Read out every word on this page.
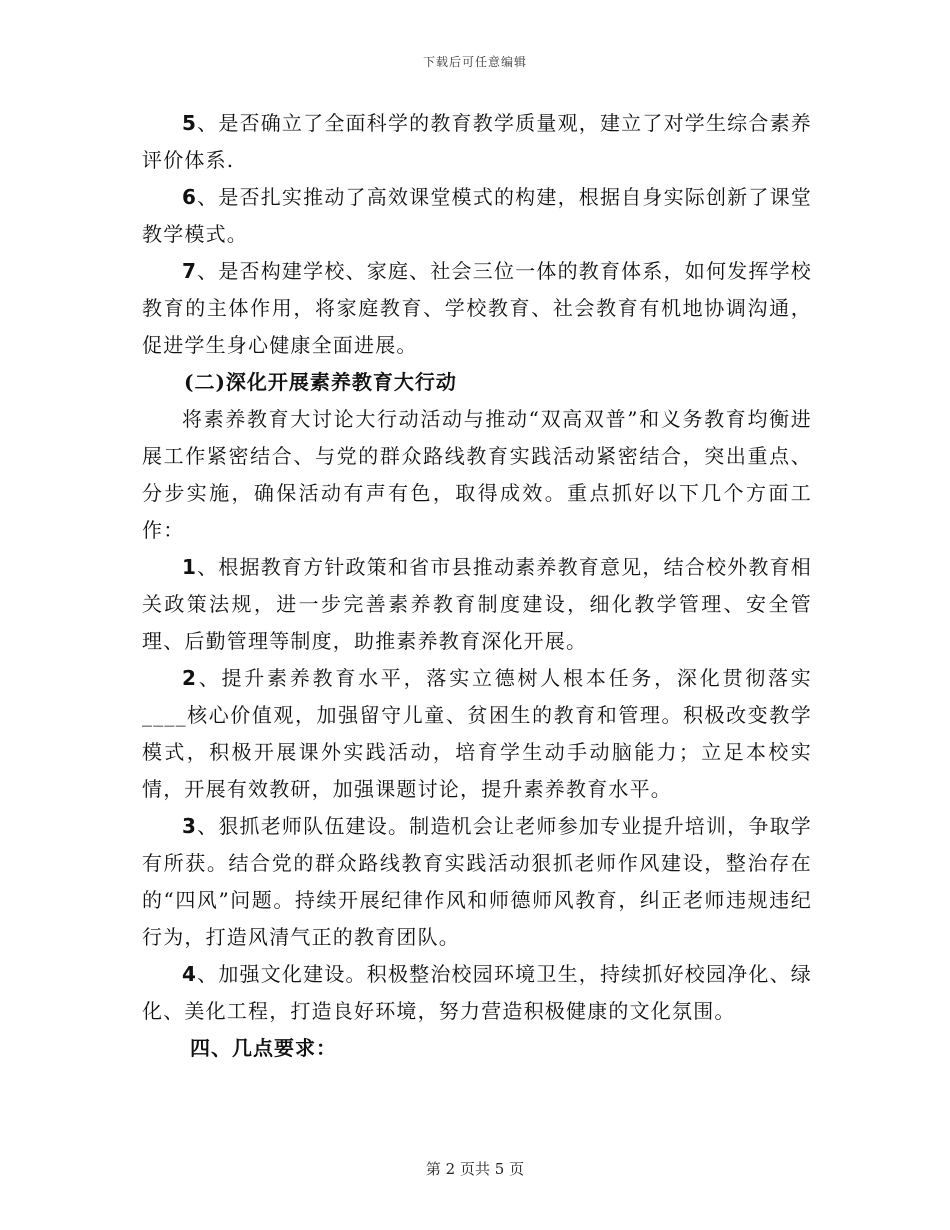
下载后可任意编辑

5、是否确立了全面科学的教育教学质量观，建立了对学生综合素养评价体系.

6、是否扎实推动了高效课堂模式的构建，根据自身实际创新了课堂教学模式。

7、是否构建学校、家庭、社会三位一体的教育体系，如何发挥学校教育的主体作用，将家庭教育、学校教育、社会教育有机地协调沟通，促进学生身心健康全面进展。

(二)深化开展素养教育大行动

将素养教育大讨论大行动活动与推动“双高双普”和义务教育均衡进展工作紧密结合、与党的群众路线教育实践活动紧密结合，突出重点、分步实施，确保活动有声有色，取得成效。重点抓好以下几个方面工作：

1、根据教育方针政策和省市县推动素养教育意见，结合校外教育相关政策法规，进一步完善素养教育制度建设，细化教学管理、安全管理、后勤管理等制度，助推素养教育深化开展。

2、提升素养教育水平，落实立德树人根本任务，深化贯彻落实____核心价值观，加强留守儿童、贫困生的教育和管理。积极改变教学模式，积极开展课外实践活动，培育学生动手动脑能力；立足本校实情，开展有效教研，加强课题讨论，提升素养教育水平。

3、狠抓老师队伍建设。制造机会让老师参加专业提升培训，争取学有所获。结合党的群众路线教育实践活动狠抓老师作风建设，整治存在的“四风”问题。持续开展纪律作风和师德师风教育，纠正老师违规违纪行为，打造风清气正的教育团队。

4、加强文化建设。积极整治校园环境卫生，持续抓好校园净化、绿化、美化工程，打造良好环境，努力营造积极健康的文化氛围。

四、几点要求：

第 2 页共 5 页
